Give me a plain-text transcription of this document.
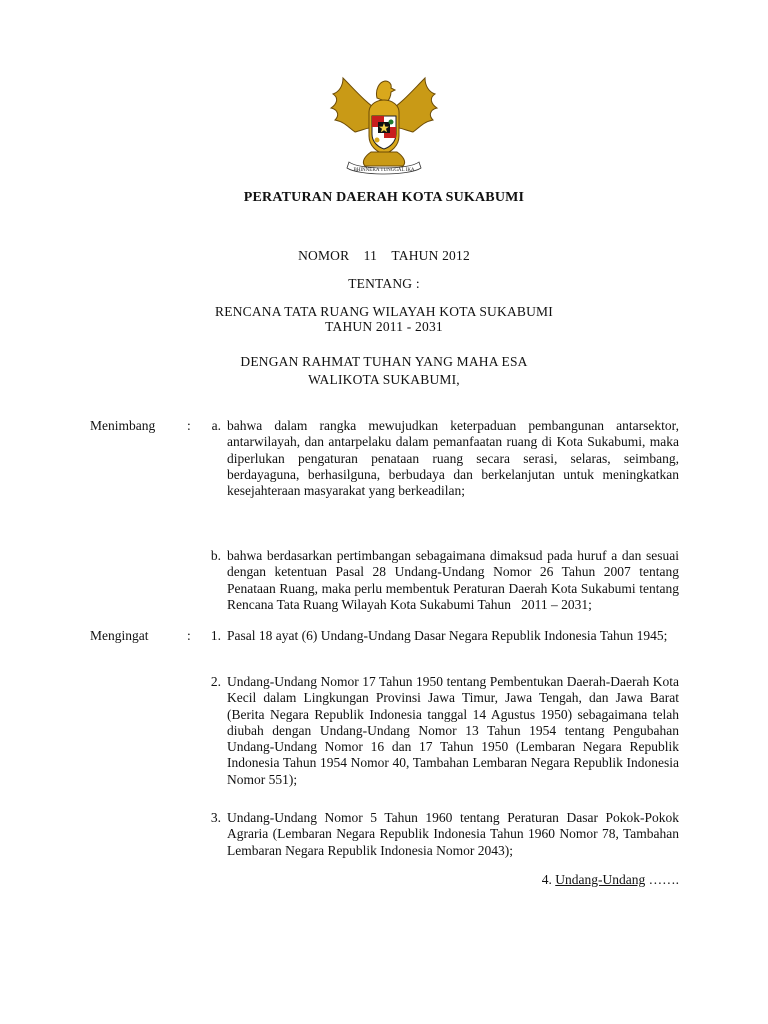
BHINNEKA TUNGGAL IKA
PERATURAN DAERAH KOTA SUKABUMI
NOMOR 11 TAHUN 2012
TENTANG :
RENCANA TATA RUANG WILAYAH KOTA SUKABUMI
TAHUN 2011 - 2031
DENGAN RAHMAT TUHAN YANG MAHA ESA
WALIKOTA SUKABUMI,
Menimbang :	a. bahwa dalam rangka mewujudkan keterpaduan pembangunan antarsektor, antarwilayah, dan antarpelaku dalam pemanfaatan ruang di Kota Sukabumi, maka diperlukan pengaturan penataan ruang secara serasi, selaras, seimbang, berdayaguna, berhasilguna, berbudaya dan berkelanjutan untuk meningkatkan kesejahteraan masyarakat yang berkeadilan;
b. bahwa berdasarkan pertimbangan sebagaimana dimaksud pada huruf a dan sesuai dengan ketentuan Pasal 28 Undang-Undang Nomor 26 Tahun 2007 tentang Penataan Ruang, maka perlu membentuk Peraturan Daerah Kota Sukabumi tentang Rencana Tata Ruang Wilayah Kota Sukabumi Tahun   2011 – 2031;
Mengingat	:	1. Pasal 18 ayat (6) Undang-Undang Dasar Negara Republik Indonesia Tahun 1945;
2. Undang-Undang Nomor 17 Tahun 1950 tentang Pembentukan Daerah-Daerah Kota Kecil dalam Lingkungan Provinsi Jawa Timur, Jawa Tengah, dan Jawa Barat (Berita Negara Republik Indonesia tanggal 14 Agustus 1950) sebagaimana telah diubah dengan Undang-Undang Nomor 13 Tahun 1954 tentang Pengubahan Undang-Undang Nomor 16 dan 17 Tahun 1950 (Lembaran Negara Republik Indonesia Tahun 1954 Nomor 40, Tambahan Lembaran Negara Republik Indonesia Nomor 551);
3. Undang-Undang Nomor 5 Tahun 1960 tentang Peraturan Dasar Pokok-Pokok Agraria (Lembaran Negara Republik Indonesia Tahun 1960 Nomor 78, Tambahan Lembaran Negara Republik Indonesia Nomor 2043);
4. Undang-Undang …….
